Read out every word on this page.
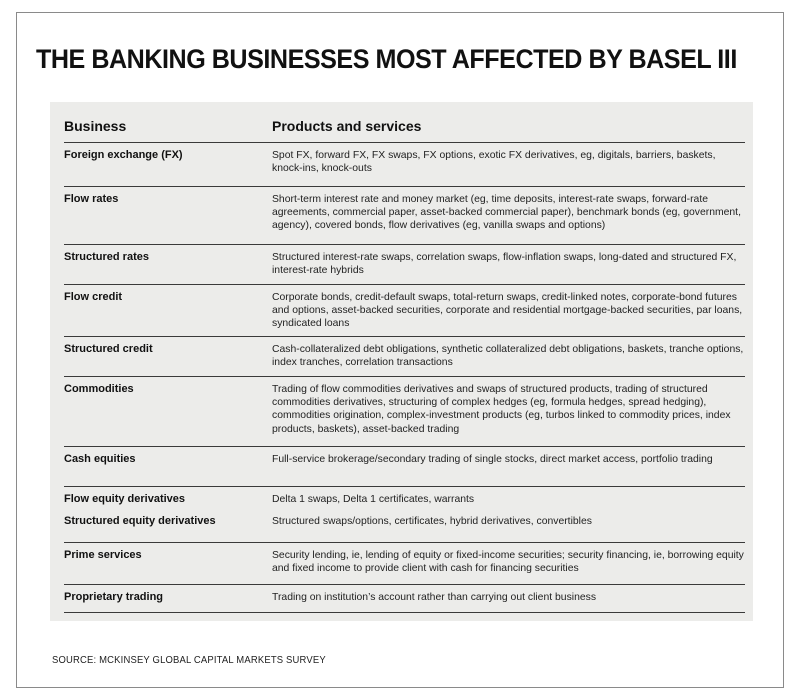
THE BANKING BUSINESSES MOST AFFECTED BY BASEL III
Business	Products and services
Foreign exchange (FX)	Spot FX, forward FX, FX swaps, FX options, exotic FX derivatives, eg, digitals, barriers, baskets, knock-ins, knock-outs
Flow rates	Short-term interest rate and money market (eg, time deposits, interest-rate swaps, forward-rate agreements, commercial paper, asset-backed commercial paper), benchmark bonds (eg, government, agency), covered bonds, flow derivatives (eg, vanilla swaps and options)
Structured rates	Structured interest-rate swaps, correlation swaps, flow-inflation swaps, long-dated and structured FX, interest-rate hybrids
Flow credit	Corporate bonds, credit-default swaps, total-return swaps, credit-linked notes, corporate-bond futures and options, asset-backed securities, corporate and residential mortgage-backed securities, par loans, syndicated loans
Structured credit	Cash-collateralized debt obligations, synthetic collateralized debt obligations, baskets, tranche options, index tranches, correlation transactions
Commodities	Trading of flow commodities derivatives and swaps of structured products, trading of structured commodities derivatives, structuring of complex hedges (eg, formula hedges, spread hedging), commodities origination, complex-investment products (eg, turbos linked to commodity prices, index products, baskets), asset-backed trading
Cash equities	Full-service brokerage/secondary trading of single stocks, direct market access, portfolio trading
Flow equity derivatives	Delta 1 swaps, Delta 1 certificates, warrants
Structured equity derivatives	Structured swaps/options, certificates, hybrid derivatives, convertibles
Prime services	Security lending, ie, lending of equity or fixed-income securities; security financing, ie, borrowing equity and fixed income to provide client with cash for financing securities
Proprietary trading	Trading on institution’s account rather than carrying out client business
SOURCE: MCKINSEY GLOBAL CAPITAL MARKETS SURVEY
